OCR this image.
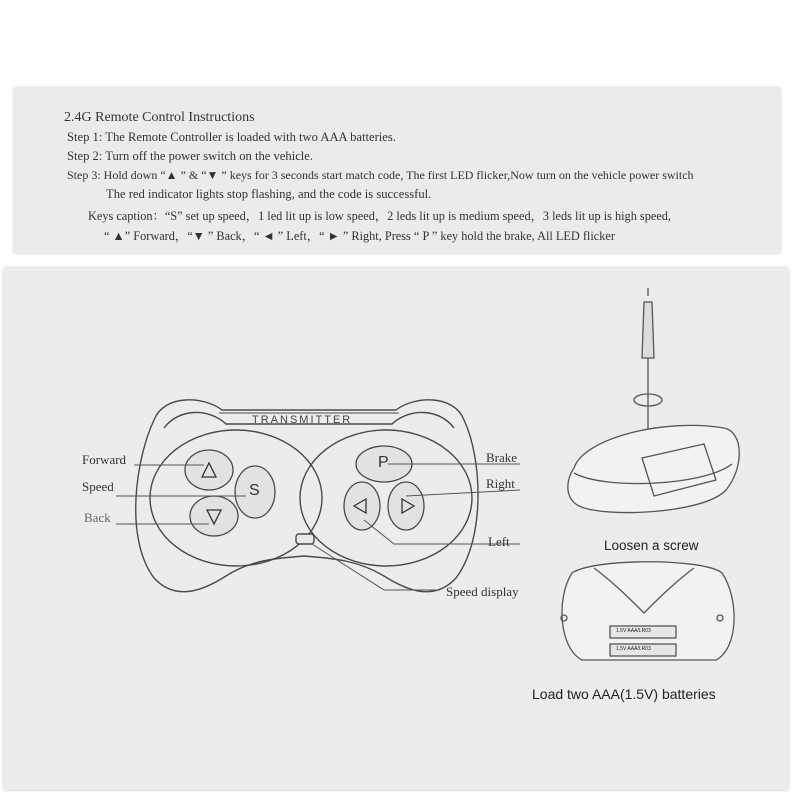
2.4G Remote Control Instructions
Step 1: The Remote Controller is loaded with two AAA batteries.
Step 2: Turn off the power switch on the vehicle.
Step 3: Hold down “▲ ” & “▼ ” keys for 3 seconds start match code, The first LED flicker,Now turn on the vehicle power switch
The red indicator lights stop flashing, and the code is successful.
Keys caption：“S” set up speed，1 led lit up is low speed，2 leds lit up is medium speed，3 leds lit up is high speed,
“ ▲” Forward，“▼ ” Back，“ ◄ ” Left，“ ► ” Right, Press “ P ” key hold the brake, All LED flicker
TRANSMITTER
P
S
Forward
Speed
Back
Brake
Right
Left
Speed display
Loosen a screw
1.5V AAA/LR03
1.5V AAA/LR03
Load two AAA(1.5V) batteries
